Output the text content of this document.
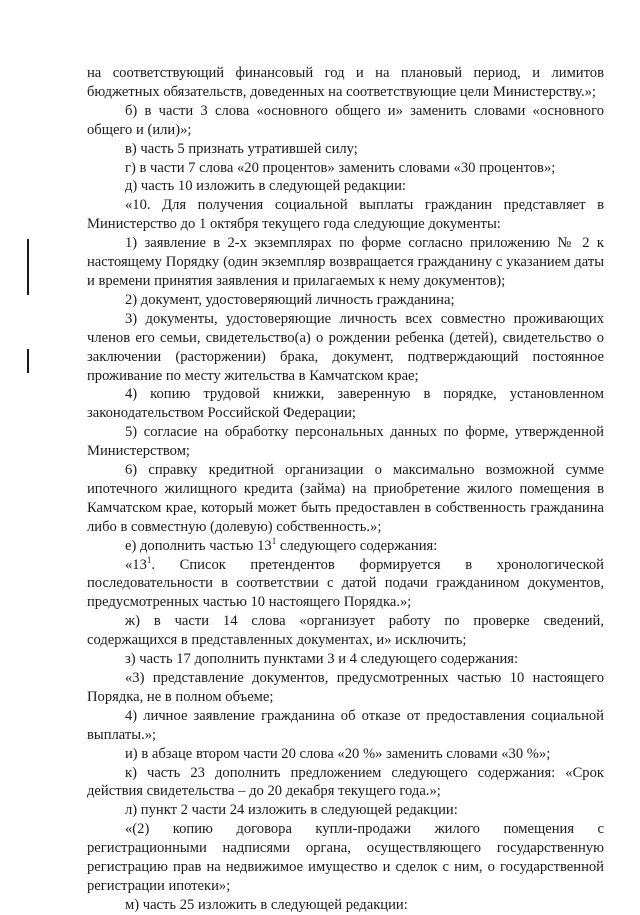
на соответствующий финансовый год и на плановый период, и лимитов бюджетных обязательств, доведенных на соответствующие цели Министерству.»;

б) в части 3 слова «основного общего и» заменить словами «основного общего и (или)»;

в) часть 5 признать утратившей силу;

г) в части 7 слова «20 процентов» заменить словами «30 процентов»;

д) часть 10 изложить в следующей редакции:

«10. Для получения социальной выплаты гражданин представляет в Министерство до 1 октября текущего года следующие документы:

1) заявление в 2-х экземплярах по форме согласно приложению № 2 к настоящему Порядку (один экземпляр возвращается гражданину с указанием даты и времени принятия заявления и прилагаемых к нему документов);

2) документ, удостоверяющий личность гражданина;

3) документы, удостоверяющие личность всех совместно проживающих членов его семьи, свидетельство(а) о рождении ребенка (детей), свидетельство о заключении (расторжении) брака, документ, подтверждающий постоянное проживание по месту жительства в Камчатском крае;

4) копию трудовой книжки, заверенную в порядке, установленном законодательством Российской Федерации;

5) согласие на обработку персональных данных по форме, утвержденной Министерством;

6) справку кредитной организации о максимально возможной сумме ипотечного жилищного кредита (займа) на приобретение жилого помещения в Камчатском крае, который может быть предоставлен в собственность гражданина либо в совместную (долевую) собственность.»;

е) дополнить частью $13^1$ следующего содержания:

«$13^1$. Список претендентов формируется в хронологической последовательности в соответствии с датой подачи гражданином документов, предусмотренных частью 10 настоящего Порядка.»;

ж) в части 14 слова «организует работу по проверке сведений, содержащихся в представленных документах, и» исключить;

з) часть 17 дополнить пунктами 3 и 4 следующего содержания:

«3) представление документов, предусмотренных частью 10 настоящего Порядка, не в полном объеме;

4) личное заявление гражданина об отказе от предоставления социальной выплаты.»;

и) в абзаце втором части 20 слова «20 %» заменить словами «30 %»;

к) часть 23 дополнить предложением следующего содержания: «Срок действия свидетельства – до 20 декабря текущего года.»;

л) пункт 2 части 24 изложить в следующей редакции:

«(2) копию договора купли-продажи жилого помещения с регистрационными надписями органа, осуществляющего государственную регистрацию прав на недвижимое имущество и сделок с ним, о государственной регистрации ипотеки»;

м) часть 25 изложить в следующей редакции:
